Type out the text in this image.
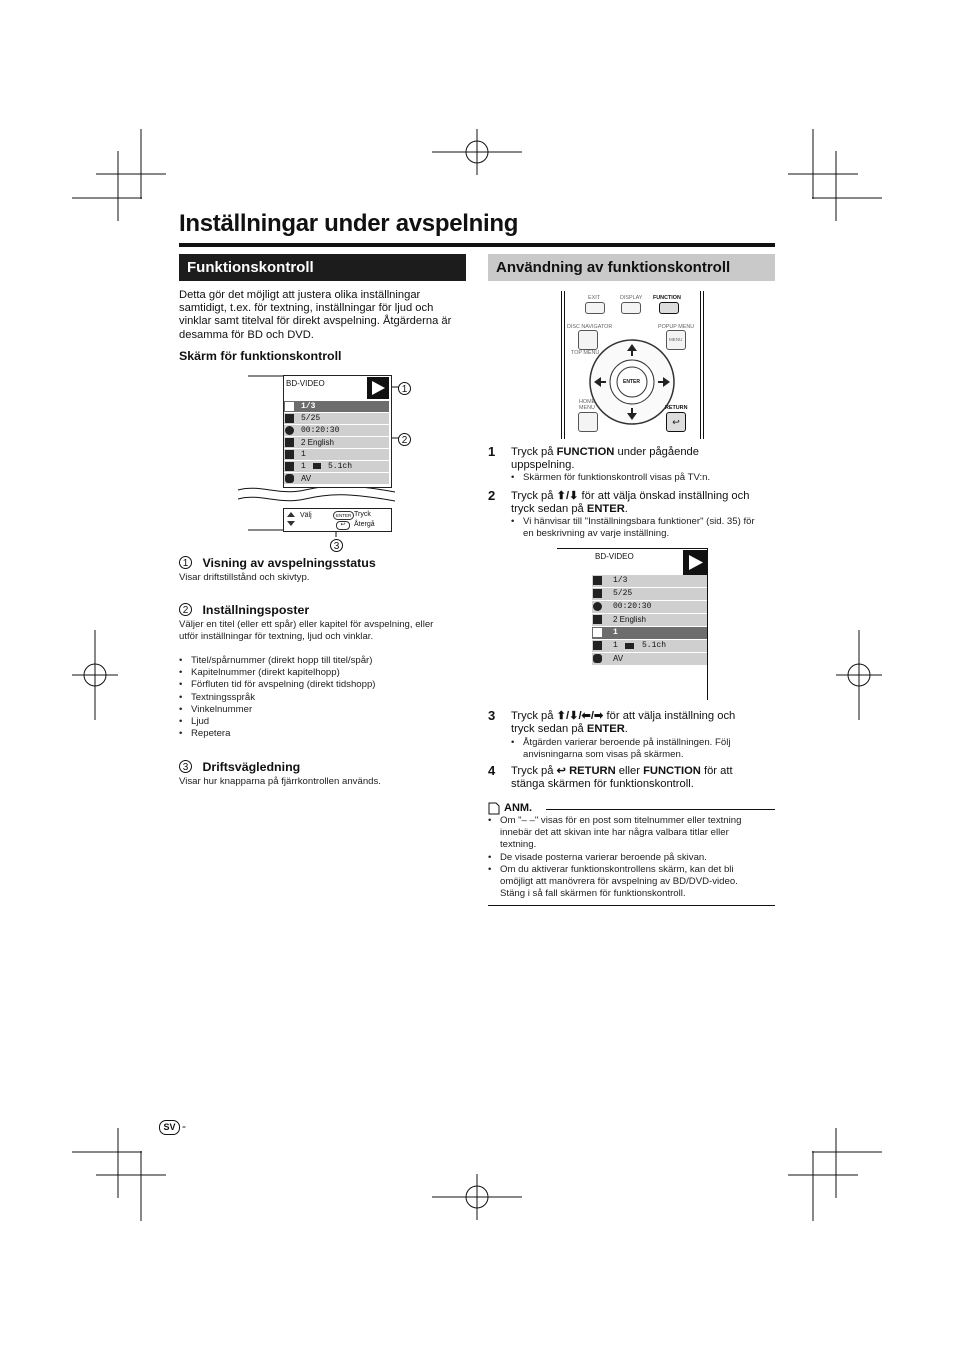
Inställningar under avspelning
Funktionskontroll
Detta gör det möjligt att justera olika inställningar
samtidigt, t.ex. för textning, inställningar för ljud och
vinklar samt titelval för direkt avspelning. Åtgärderna är
desamma för BD och DVD.
Skärm för funktionskontroll
BD-VIDEO
1/3
5/25
00:20:30
2 English
1
1	5.1ch
AV
1
2
Välj	ENTER Tryck
↩	Återgå
3
1 Visning av avspelningsstatus
Visar driftstillstånd och skivtyp.
2 Inställningsposter
Väljer en titel (eller ett spår) eller kapitel för avspelning, eller
utför inställningar för textning, ljud och vinklar.
• Titel/spårnummer (direkt hopp till titel/spår)
• Kapitelnummer (direkt kapitelhopp)
• Förfluten tid för avspelning (direkt tidshopp)
• Textningsspråk
• Vinkelnummer
• Ljud
• Repetera
3 Driftsvägledning
Visar hur knapparna på fjärrkontrollen används.
Användning av funktionskontroll
EXIT	DISPLAY FUNCTION
DISC NAVIGATOR	POPUP MENU
MENU
TOP MENU
ENTER
HOME
MENU	RETURN
↩
1 Tryck på FUNCTION under pågående
uppspelning.
• Skärmen för funktionskontroll visas på TV:n.
2 Tryck på ⬆/⬇ för att välja önskad inställning och
tryck sedan på ENTER.
• Vi hänvisar till "Inställningsbara funktioner" (sid. 35) för
en beskrivning av varje inställning.
BD-VIDEO
1/3
5/25
00:20:30
2 English
1
1	5.1ch
AV
3 Tryck på ⬆/⬇/⬅/➡ för att välja inställning och
tryck sedan på ENTER.
• Åtgärden varierar beroende på inställningen. Följ
anvisningarna som visas på skärmen.
4 Tryck på ↩ RETURN eller FUNCTION för att
stänga skärmen för funktionskontroll.
ANM.
• Om "– –" visas för en post som titelnummer eller textning
innebär det att skivan inte har några valbara titlar eller
textning.
• De visade posterna varierar beroende på skivan.
• Om du aktiverar funktionskontrollens skärm, kan det bli
omöjligt att manövrera för avspelning av BD/DVD-video.
Stäng i så fall skärmen för funktionskontroll.
SV -
